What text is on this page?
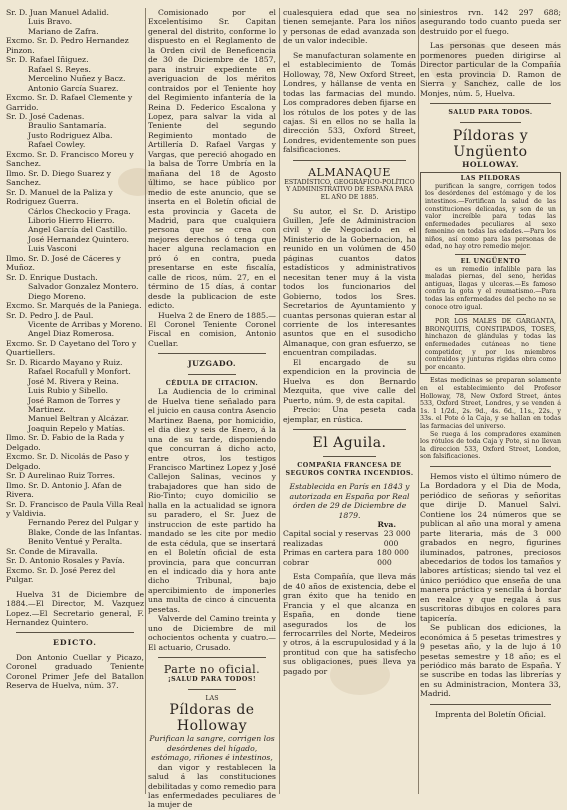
Sr. D. Juan Manuel Adalid.

Luis Bravo.

Mariano de Zafra.

Excmo. Sr. D. Pedro Hernandez Pinzon.

Sr. D. Rafael Iñiguez.

Rafael S. Reyes.

Mercelino Nuñez y Bacz.

Antonio García Suarez.

Excmo. Sr. D. Rafael Clemente y Garrido.

Sr. D. José Cadenas.

Braulio Santamaría.

Justo Rodriguez Alba.

Rafael Cowley.

Excmo. Sr. D. Francisco Moreu y Sanchez.

Ilmo. Sr. D. Diego Suarez y Sanchez.

Sr. D. Manuel de la Paliza y Rodriguez Guerra.

Cárlos Checkocio y Fraga.

Liborio Hierro Hierro.

Angel García del Castillo.

José Hernandez Quintero.

Luis Vasconi

Ilmo. Sr. D. José de Cáceres y Muñoz.

Sr. D. Enrique Dustach.

Salvador Gonzalez Montero.

Diego Moreno.

Excmo. Sr. Marqués de la Paniega.

Sr. D. Pedro J. de Paul.

Vicente de Arribas y Moreno.

Angel Diaz Romerosa.

Excmo. Sr. D Cayetano del Toro y Quartiellers.

Sr. D. Ricardo Mayano y Ruiz.

Rafael Rocafull y Monfort.

José M. Rivera y Reina.

Luis Rubio y Sibello.

José Ramon de Torres y Martinez.

Manuel Beltran y Alcázar.

Joaquin Repelo y Matías.

Ilmo. Sr. D. Fabio de la Rada y Delgado.

Excmo. Sr. D. Nicolás de Paso y Delgado.

Sr. D Aurelinao Ruiz Torres.

Ilmo. Sr. D. Antonio J. Afan de Rivera.

Sr. D. Francisco de Paula Villa Real y Valdivia.

Fernando Perez del Pulgar y Blake, Conde de las Infantas.

Benito Ventué y Peralta.

Sr. Conde de Miravalla.

Sr. D. Antonio Rosales y Pavía.

Excmo. Sr. D. José Perez del Pulgar.

Huelva 31 de Diciembre de 1884.—El Director, M. Vazquez Lopez.—El Secretario general, F. Hernandez Quintero.

EDICTO.

Don Antonio Cuellar y Picazo, Coronel graduado Teniente Coronel Primer Jefe del Batallon Reserva de Huelva, núm. 37.

Comisionado por el Excelentísimo Sr. Capitan general del distrito, conforme lo dispuesto en el Reglamento de la Orden civil de Beneficencia de 30 de Diciembre de 1857, para instruir expediente en averiguacion de los méritos contraidos por el Teniente hoy del Regimiento infantería de la Reina D. Federico Escalona y Lopez, para salvar la vida al Teniente del segundo Regimiento montado de Artillería D. Rafael Vargas y Vargas, que pereció ahogado en la balsa de Torre Umbría en la mañana del 18 de Agosto último, se hace público por medio de este anuncio, que se inserta en el Boletín oficial de esta provincia y Gaceta de Madrid, para que cualquiera persona que se crea con mejores derechos ó tenga que hacer alguna reclamacion en pró ó en contra, pueda presentarse en este fiscalía, calle de ricos, núm. 27, en el término de 15 días, á contar desde la publicacion de este edicto.

Huelva 2 de Enero de 1885.—El Coronel Teniente Coronel Fiscal en comision, Antonio Cuellar.

JUZGADO.

CÉDULA DE CITACION.

La Audiencia de lo criminal de Huelva tiene señalado para el juicio en causa contra Asencio Martinez Baena, por homicidio, el dia diez y seis de Enero, á la una de su tarde, disponiendo que concurran á dicho acto, entre otros, los testigos Francisco Martinez Lopez y José Callejon Salinas, vecinos y trabajadores que han sido de Rio-Tinto; cuyo domicilio se halla en la actualidad se ignora su paradero, el Sr. Juez de instruccion de este partido ha mandado se les cite por medio de esta cédula, que se insertará en el Boletín oficial de esta provincia, para que concurran en el indicado dia y hora ante dicho Tribunal, bajo apercibimiento de imponerles una multa de cinco á cincuenta pesetas.

Valverde del Camino treinta y uno de Diciembre de mil ochocientos ochenta y cuatro.—El actuario, Crusado.

Parte no oficial.

¡SALUD PARA TODOS!

LAS

Píldoras de Holloway

Purifican la sangre, corrigen los desórdenes del hígado, estómago, riñones é intestinos,

dan vigor y restablecen la salud á las constituciones debilitadas y como remedio para las enfermedades peculiares de la mujer de

cualesquiera edad que sea no tienen semejante. Para los niños y personas de edad avanzada son de un valor indecible.

Se manufacturan solamente en el establecimiento de Tomás Holloway, 78, New Oxford Street, Londres, y hállanse de venta en todas las farmacias del mundo. Los compradores deben fijarse en los rótulos de los potes y de las cajas. Si en ellos no se halla la dirección 533, Oxford Street, Londres, evidentemente son pues falsificaciones.

ALMANAQUE

ESTADÍSTICO, GEOGRÁFICO-POLÍTICO Y ADMINISTRATIVO DE ESPAÑA PARA EL AÑO DE 1885.

Su autor, el Sr. D. Aristipo Guillen, Jefe de Administracion civil y de Negociado en el Ministerio de la Gobernacion, ha reunido en un volúmen de 450 páginas cuantos datos estadísticos y administrativos necesitan tener muy á la vista todos los funcionarios del Gobierno, todos los Sres. Secretarios de Ayuntamiento y cuantas personas quieran estar al corriente de los interesantes asuntos que en el susodicho Almanaque, con gran esfuerzo, se encuentran compiladas.

El encargado de su expendicion en la provincia de Huelva es don Bernardo Mezquita, que vive calle del Puerto, núm. 9, de esta capital.

Precio: Una peseta cada ejemplar, en rústica.

El Aguila.

COMPAÑIA FRANCESA DE SEGUROS CONTRA INCENDIOS.

Establecida en París en 1843 y autorizada en España por Real órden de 29 de Diciembre de 1879.

Rva.

Capital social y reservas realizadas
23 000 000
Primas en cartera para cobrar
180 000 000

Esta Compañía, que lleva más de 40 años de existencia, debe el gran éxito que ha tenido en Francia y el que alcanza en España, en donde tiene asegurados los de los ferrocarriles del Norte, Medeiros y otros, á la escrupulosidad y á la prontitud con que ha satisfecho sus obligaciones, pues lleva ya pagado por

siniestros rvn. 142 297 688; asegurando todo cuanto pueda ser destruido por el fuego.

Las personas que deseen más pormenores pueden dirigirse al Director particular de la Compañía en esta provincia D. Ramon de Sierra y Sanchez, calle de los Monjes, núm. 5, Huelva.

SALUD PARA TODOS.

Píldoras y Ungüento

HOLLOWAY.

LAS PÍLDORAS

purifican la sangre, corrigen todos los desórdenes del estómago y de los intestinos.—Fortifican la salud de las constituciones delicadas, y son de un valor increíble para todas las enfermedades peculiares al sexo femenino en todas las edades.—Para los niños, así como para las personas de edad, no hay otro remedio mejor.

EL UNGÜENTO

es un remedio infalible para las maladas piernas, del seno, heridas antiguas, llagas y ulceras.—Es famoso contra la gota y el reumatismo.—Para todas las enfermedades del pecho no se conoce otro igual.

POR LOS MALES DE GARGANTA, BRONQUITIS, CONSTIPADOS, TOSES, hinchazon de glándulas y todas las enfermedades cutáneas no tiene competidor, y por los miembros contraidos y junturas rigidas obra como por encanto.

Estas medicinas se preparan solamente en el establecimiento del Profesor Holloway, 78, New Oxford Street, ántes 533, Oxford Street, Londres, y se venden á 1s. 1 1/2d., 2s. 9d., 4s. 6d., 11s., 22s., y 33s. el Pote ó la Caja, y se hallan en todas las farmacias del universo.

Se ruega á los compradores examinen los rótulos de toda Caja y Pote, si no llevan la direccion 533, Oxford Street, London, son falsificaciones.

Hemos visto el último número de La Bordadora y el Dia de Moda, periódico de señoras y señoritas que dirije D. Manuel Salvi. Contiene los 24 números que se publican al año una moral y amena parte literaria, más de 3 000 grabados en negro, figurines iluminados, patrones, preciosos abecedarios de todos los tamaños y labores artísticas; siendo tal vez el único periódico que enseña de una manera práctica y sencilla á bordar en realce y que regala á sus suscritoras dibujos en colores para tapicería.

Se publican dos ediciones, la económica á 5 pesetas trimestres y 9 pesetas año, y la de lujo á 10 pesetas semestre y 18 año; es el periódico más barato de España. Y se suscribe en todas las librerías y en su Administracion, Montera 33, Madrid.

Imprenta del Boletín Oficial.
